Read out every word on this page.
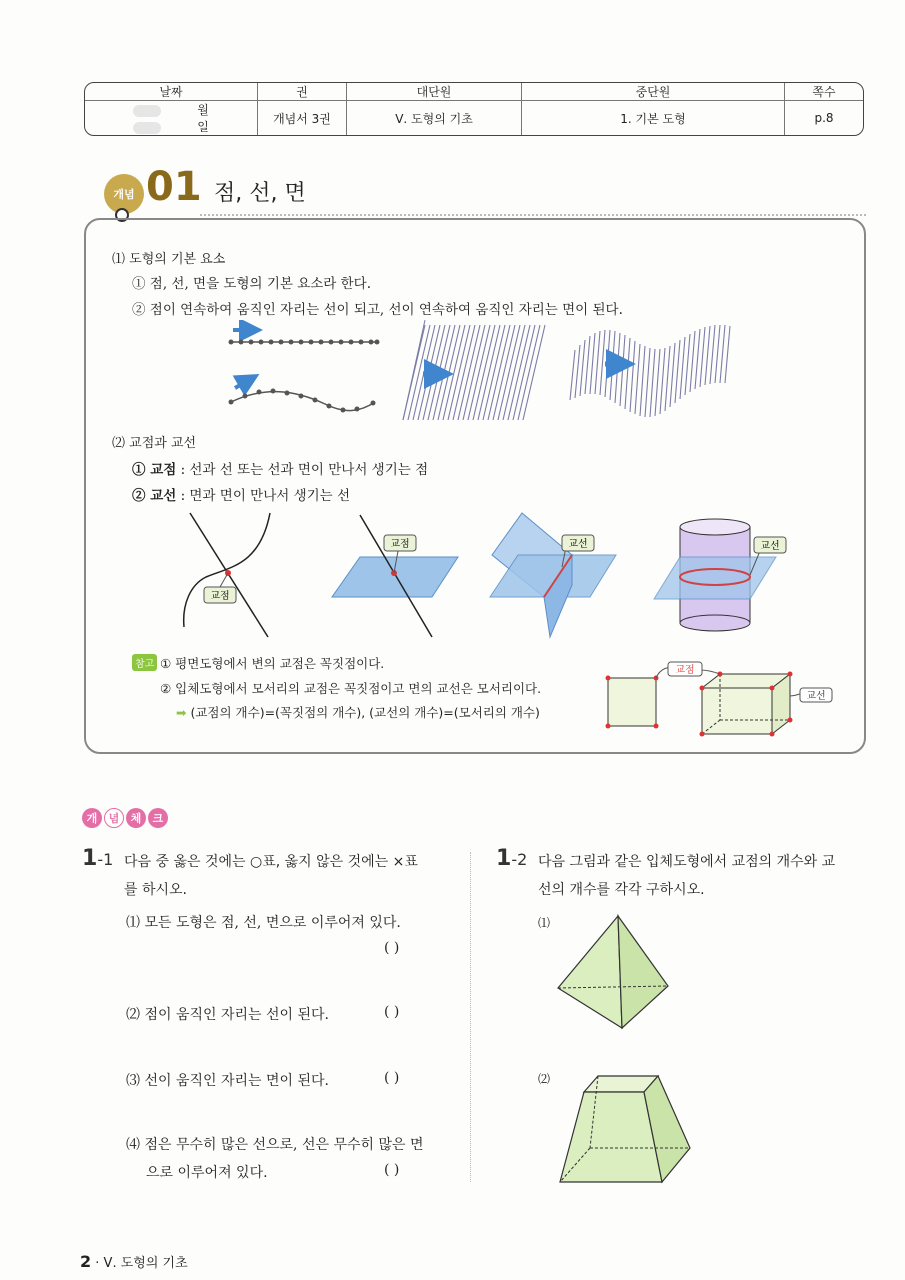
날짜	권	대단원	중단원	쪽수
월 일	개념서 3권	Ⅴ. 도형의 기초	1. 기본 도형	p.8
개념 01 점, 선, 면
⑴ 도형의 기본 요소
① 점, 선, 면을 도형의 기본 요소라 한다.
② 점이 연속하여 움직인 자리는 선이 되고, 선이 연속하여 움직인 자리는 면이 된다.
⑵ 교점과 교선
① 교점 : 선과 선 또는 선과 면이 만나서 생기는 점
② 교선 : 면과 면이 만나서 생기는 선
교점
교점	교선	교선
참고 ① 평면도형에서 변의 교점은 꼭짓점이다.
② 입체도형에서 모서리의 교점은 꼭짓점이고 면의 교선은 모서리이다.
➡ (교점의 개수)=(꼭짓점의 개수), (교선의 개수)=(모서리의 개수)
교점
교선
개	념	체	크
1-1 다음 중 옳은 것에는 ○표, 옳지 않은 것에는 ×표
를 하시오.
⑴ 모든 도형은 점, 선, 면으로 이루어져 있다.
( )
⑵ 점이 움직인 자리는 선이 된다.	( )
⑶ 선이 움직인 자리는 면이 된다.	( )
⑷ 점은 무수히 많은 선으로, 선은 무수히 많은 면
으로 이루어져 있다.	( )
1-2 다음 그림과 같은 입체도형에서 교점의 개수와 교
선의 개수를 각각 구하시오.
⑴
⑵
2 · Ⅴ. 도형의 기초
